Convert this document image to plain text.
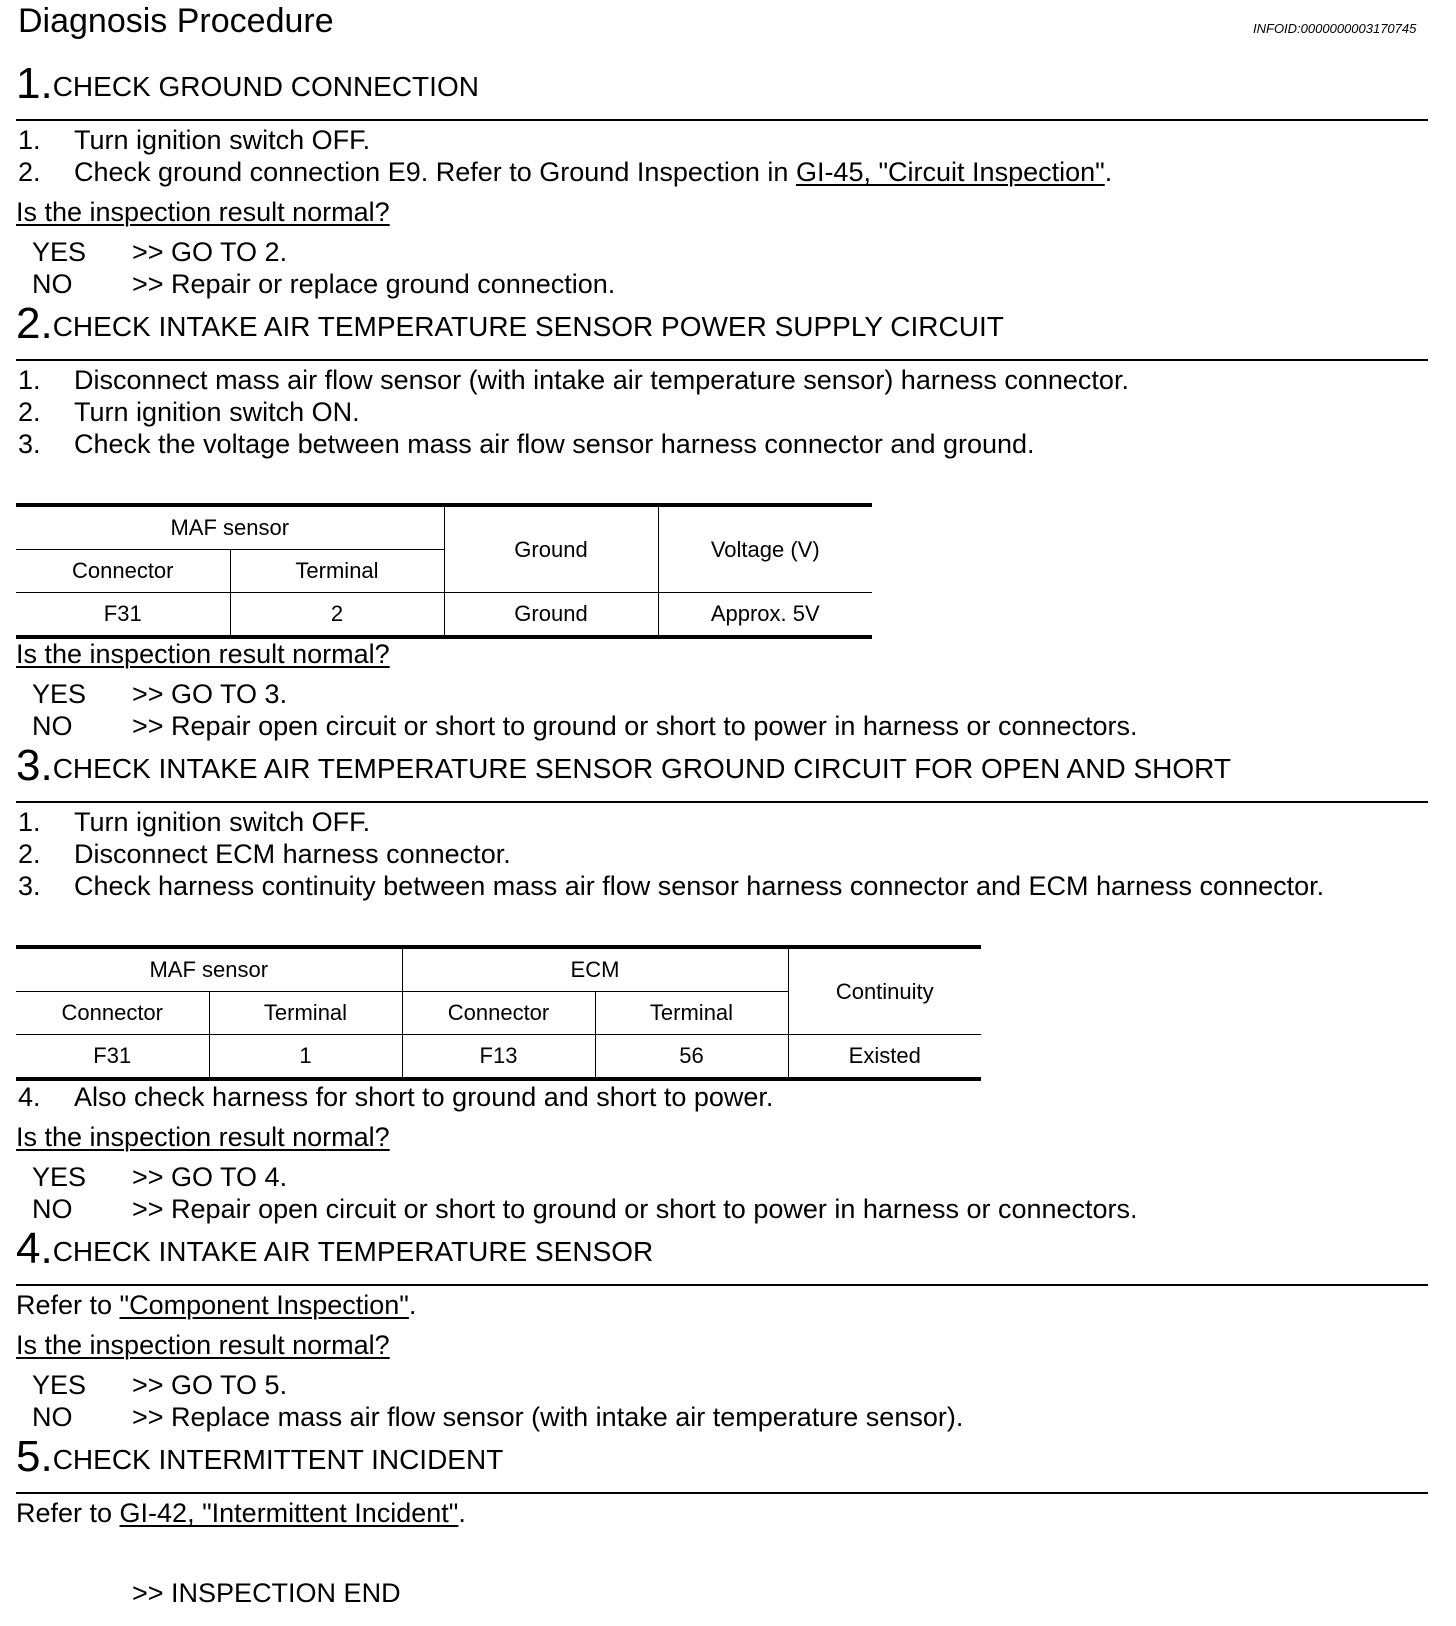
Diagnosis Procedure	INFOID:0000000003170745
1.CHECK GROUND CONNECTION
1. Turn ignition switch OFF.
2. Check ground connection E9. Refer to Ground Inspection in GI-45, "Circuit Inspection".
Is the inspection result normal?
YES >> GO TO 2.
NO >> Repair or replace ground connection.
2.CHECK INTAKE AIR TEMPERATURE SENSOR POWER SUPPLY CIRCUIT
1. Disconnect mass air flow sensor (with intake air temperature sensor) harness connector.
2. Turn ignition switch ON.
3. Check the voltage between mass air flow sensor harness connector and ground.
MAF sensor		Ground	Voltage (V)
Connector	Terminal		
F31	2	Ground	Approx. 5V
Is the inspection result normal?
YES >> GO TO 3.
NO >> Repair open circuit or short to ground or short to power in harness or connectors.
3.CHECK INTAKE AIR TEMPERATURE SENSOR GROUND CIRCUIT FOR OPEN AND SHORT
1. Turn ignition switch OFF.
2. Disconnect ECM harness connector.
3. Check harness continuity between mass air flow sensor harness connector and ECM harness connector.
MAF sensor		ECM		Continuity
Connector	Terminal	Connector	Terminal	
F31	1	F13	56	Existed
4. Also check harness for short to ground and short to power.
Is the inspection result normal?
YES >> GO TO 4.
NO >> Repair open circuit or short to ground or short to power in harness or connectors.
4.CHECK INTAKE AIR TEMPERATURE SENSOR
Refer to "Component Inspection".
Is the inspection result normal?
YES >> GO TO 5.
NO >> Replace mass air flow sensor (with intake air temperature sensor).
5.CHECK INTERMITTENT INCIDENT
Refer to GI-42, "Intermittent Incident".
>> INSPECTION END
